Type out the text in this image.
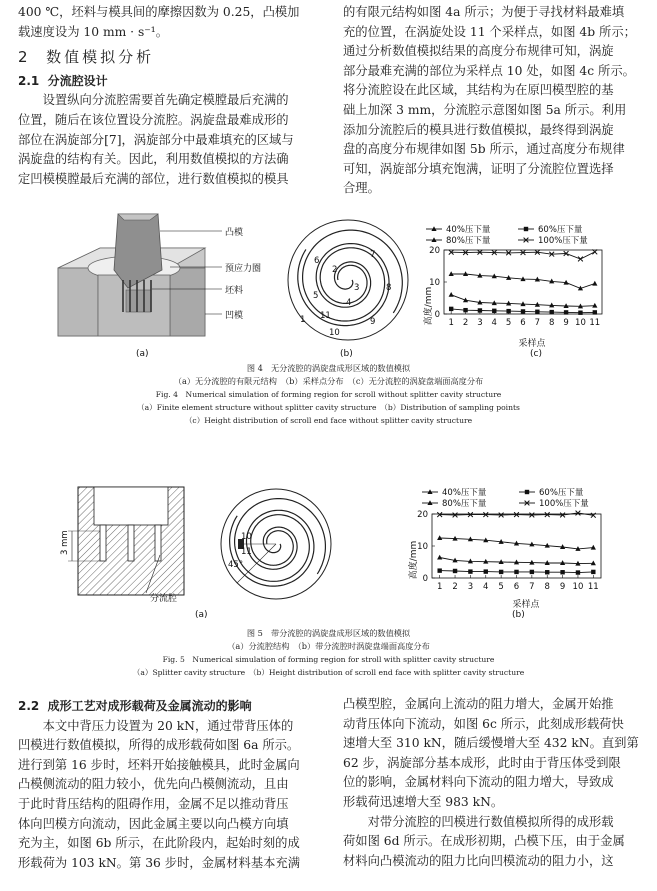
400 ℃，坯料与模具间的摩擦因数为 0.25，凸模加

载速度设为 10 mm · s⁻¹。

2 数值模拟分析
2.1 分流腔设计

设置纵向分流腔需要首先确定模膛最后充满的

位置，随后在该位置设分流腔。涡旋盘最难成形的

部位在涡旋部分[7]，涡旋部分中最难填充的区域与

涡旋盘的结构有关。因此，利用数值模拟的方法确

定凹模模膛最后充满的部位，进行数值模拟的模具

的有限元结构如图 4a 所示；为便于寻找材料最难填

充的位置，在涡旋处设 11 个采样点，如图 4b 所示；

通过分析数值模拟结果的高度分布规律可知，涡旋

部分最难充满的部位为采样点 10 处，如图 4c 所示。

将分流腔设在此区域，其结构为在原凹模型腔的基

础上加深 3 mm，分流腔示意图如图 5a 所示。利用

添加分流腔后的模具进行数值模拟，最终得到涡旋

盘的高度分布规律如图 5b 所示，通过高度分布规律

可知，涡旋部分填充饱满，证明了分流腔位置选择

合理。

凸模
预应力圈
坯料
凹模
(a)
10
11
1
2
3
4
5
6
7
8
9
(b)	(c)
40%压下量	60%压下量
80%压下量	100%压下量
高度/mm
采样点
0
10
20
1 2 3 4 5 6 7 8 9 10 11
图 4　无分流腔的涡旋盘成形区域的数值模拟
（a）无分流腔的有限元结构　（b）采样点分布　（c）无分流腔的涡旋盘端面高度分布
Fig. 4　Numerical simulation of forming region for scroll without splitter cavity structure
（a）Finite element structure without splitter cavity structure　（b）Distribution of sampling points
（c）Height distribution of scroll end face without splitter cavity structure
3 mm
分流腔
45°
10
11
(a)	(b)
40%压下量	60%压下量
80%压下量	100%压下量
高度/mm
采样点
0
10
20
1 2 3 4 5 6 7 8 9 10 11
图 5　带分流腔的涡旋盘成形区域的数值模拟
（a）分流腔结构　（b）带分流腔时涡旋盘端面高度分布
Fig. 5　Numerical simulation of forming region for stroll with splitter cavity structure
（a）Splitter cavity structure　（b）Height distribution of scroll end face with splitter cavity structure
2.2 成形工艺对成形载荷及金属流动的影响

本文中背压力设置为 20 kN，通过带背压体的

凹模进行数值模拟，所得的成形载荷如图 6a 所示。

进行到第 16 步时，坯料开始接触模具，此时金属向

凸模侧流动的阻力较小，优先向凸模侧流动，且由

于此时背压结构的阻碍作用，金属不足以推动背压

体向凹模方向流动，因此金属主要以向凸模方向填

充为主，如图 6b 所示，在此阶段内，起始时刻的成

形载荷为 103 kN。第 36 步时，金属材料基本充满

凸模型腔，金属向上流动的阻力增大，金属开始推

动背压体向下流动，如图 6c 所示，此刻成形载荷快

速增大至 310 kN，随后缓慢增大至 432 kN。直到第

62 步，涡旋部分基本成形，此时由于背压体受到限

位的影响，金属材料向下流动的阻力增大，导致成

形载荷迅速增大至 983 kN。

对带分流腔的凹模进行数值模拟所得的成形载

荷如图 6d 所示。在成形初期，凸模下压，由于金属

材料向凸模流动的阻力比向凹模流动的阻力小，这
